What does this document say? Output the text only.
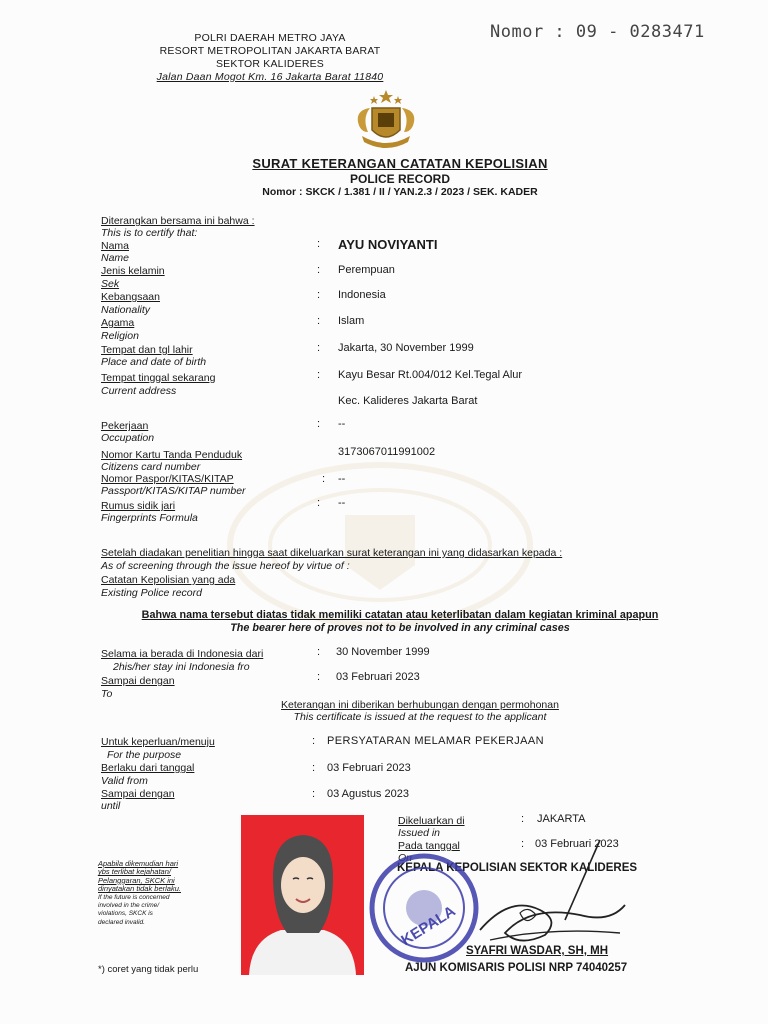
POLRI DAERAH METRO JAYA
RESORT METROPOLITAN JAKARTA BARAT
SEKTOR KALIDERES
Jalan Daan Mogot Km. 16 Jakarta Barat 11840
Nomor : 09 - 0283471
SURAT KETERANGAN CATATAN KEPOLISIAN
POLICE RECORD
Nomor : SKCK / 1.381 / II / YAN.2.3 / 2023 / SEK. KADER
Diterangkan bersama ini bahwa :
This is to certify that:
Nama
Name
: AYU NOVIYANTI
Jenis kelamin
Sek
: Perempuan
Kebangsaan
Nationality
: Indonesia
Agama
Religion
: Islam
Tempat dan tgl lahir
Place and date of birth
: Jakarta, 30 November 1999
Tempat tinggal sekarang
Current address
: Kayu Besar Rt.004/012 Kel.Tegal Alur
Kec. Kalideres Jakarta Barat
Pekerjaan
Occupation
: --
Nomor Kartu Tanda Penduduk
Citizens card number
3173067011991002
Nomor Paspor/KITAS/KITAP
Passport/KITAS/KITAP number
: --
Rumus sidik jari
Fingerprints Formula
: --
Setelah diadakan penelitian hingga saat dikeluarkan surat keterangan ini yang didasarkan kepada :
As of screening through the issue hereof by virtue of :
Catatan Kepolisian yang ada
Existing Police record
Bahwa nama tersebut diatas tidak memiliki catatan atau keterlibatan dalam kegiatan kriminal apapun
The bearer here of proves not to be involved in any criminal cases
Selama ia berada di Indonesia dari
2his/her stay ini Indonesia fro
: 30 November 1999
Sampai dengan
To
: 03 Februari 2023
Keterangan ini diberikan berhubungan dengan permohonan
This certificate is issued at the request to the applicant
Untuk keperluan/menuju
For the purpose
: PERSYATARAN MELAMAR PEKERJAAN
Berlaku dari tanggal
Valid from
: 03 Februari 2023
Sampai dengan
until
: 03 Agustus 2023
Apabila dikemudian hari
ybs terlibat kejahatan/
Pelanggaran, SKCK ini
dinyatakan tidak berlaku.
If the future is concerned
involved in the crime/
violations, SKCK is
declared invalid.
*) coret yang tidak perlu
Dikeluarkan di
Issued in
: JAKARTA
Pada tanggal
On
: 03 Februari 2023
KEPALA KEPOLISIAN SEKTOR KALIDERES
SYAFRI WASDAR, SH, MH
AJUN KOMISARIS POLISI NRP 74040257
KEPALA
